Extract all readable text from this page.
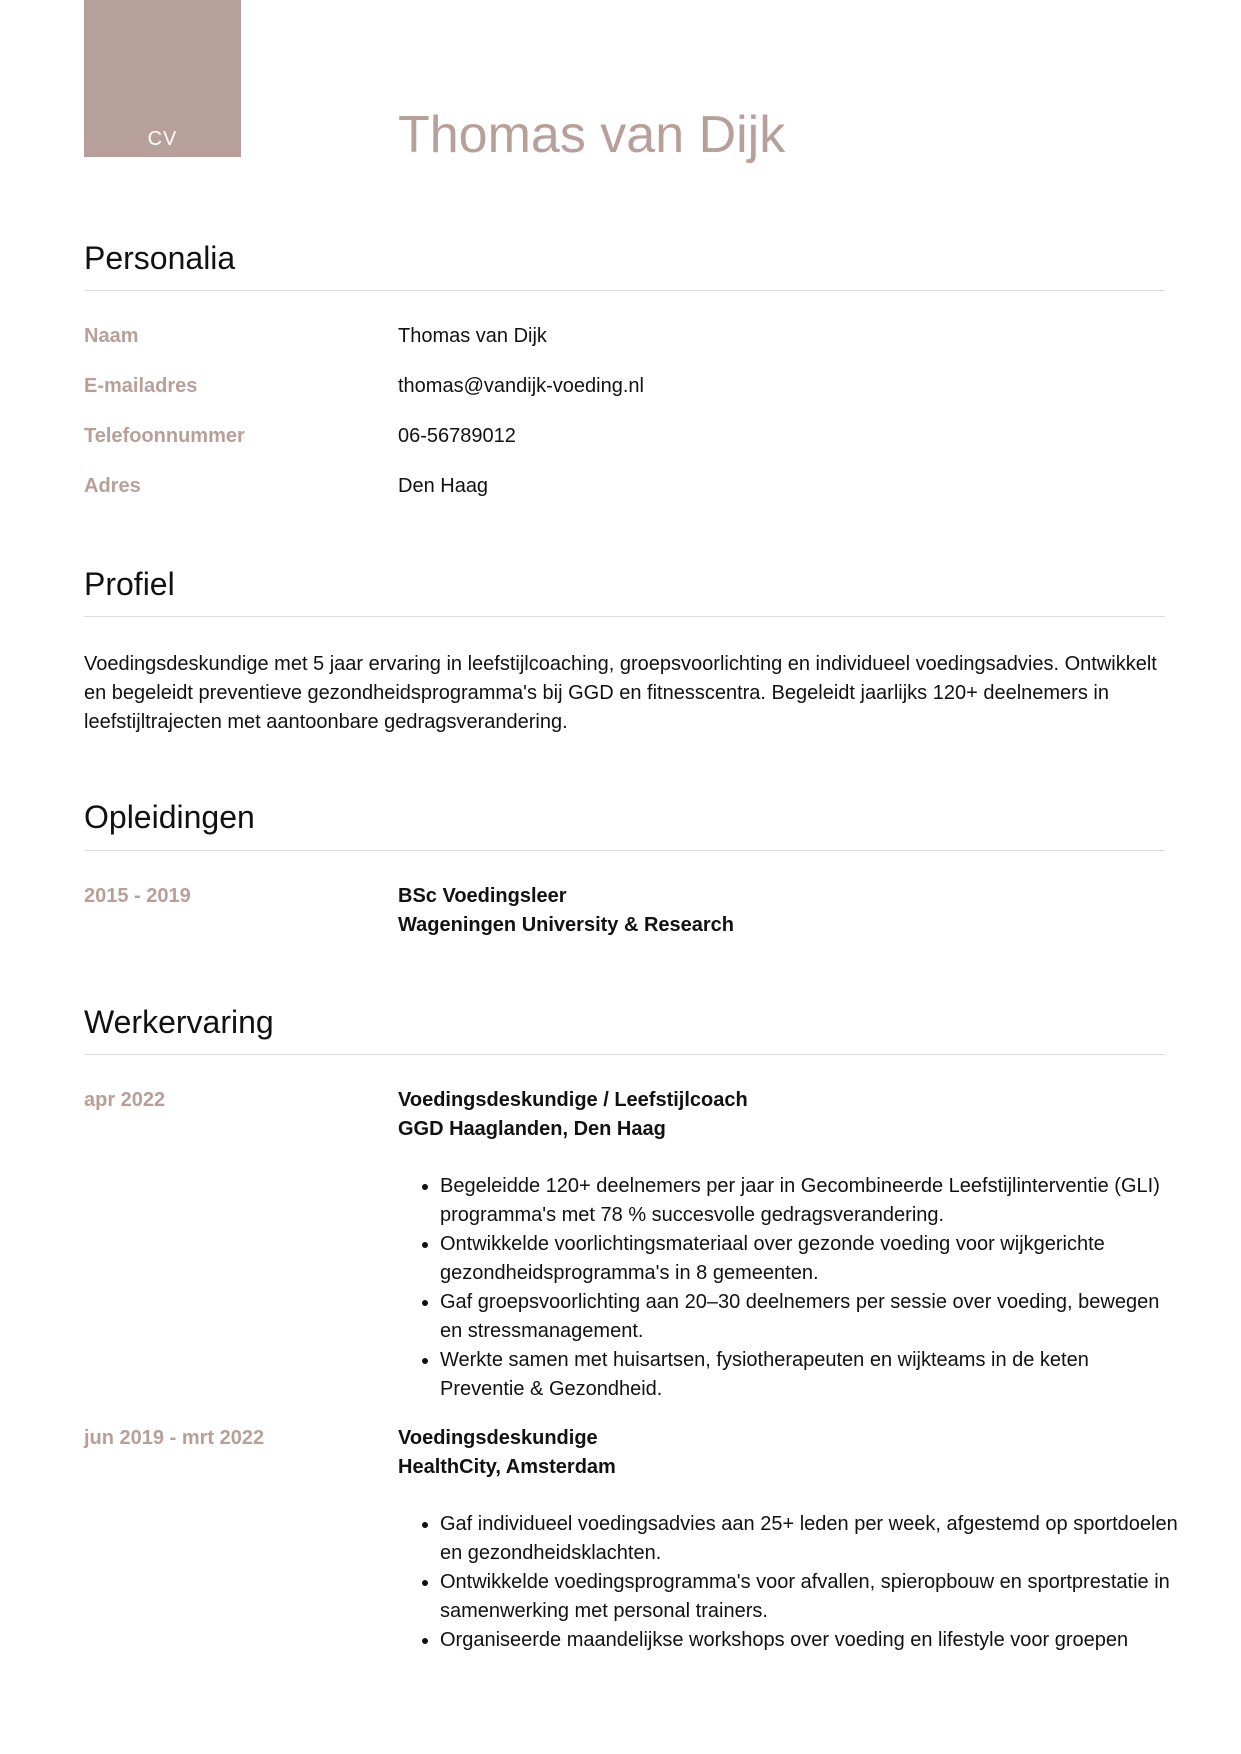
CV	Thomas van Dijk
Personalia
Naam	Thomas van Dijk
E-mailadres	thomas@vandijk-voeding.nl
Telefoonnummer	06-56789012
Adres	Den Haag
Profiel
Voedingsdeskundige met 5 jaar ervaring in leefstijlcoaching, groepsvoorlichting en individueel voedingsadvies. Ontwikkelt en begeleidt preventieve gezondheidsprogramma's bij GGD en fitnesscentra. Begeleidt jaarlijks 120+ deelnemers in leefstijltrajecten met aantoonbare gedragsverandering.
Opleidingen
2015 - 2019	BSc Voedingsleer
Wageningen University & Research
Werkervaring
apr 2022	Voedingsdeskundige / Leefstijlcoach
GGD Haaglanden, Den Haag
• Begeleidde 120+ deelnemers per jaar in Gecombineerde Leefstijlinterventie (GLI) programma's met 78 % succesvolle gedragsverandering.
• Ontwikkelde voorlichtingsmateriaal over gezonde voeding voor wijkgerichte gezondheidsprogramma's in 8 gemeenten.
• Gaf groepsvoorlichting aan 20–30 deelnemers per sessie over voeding, bewegen en stressmanagement.
• Werkte samen met huisartsen, fysiotherapeuten en wijkteams in de keten Preventie & Gezondheid.
jun 2019 - mrt 2022	Voedingsdeskundige
HealthCity, Amsterdam
• Gaf individueel voedingsadvies aan 25+ leden per week, afgestemd op sportdoelen en gezondheidsklachten.
• Ontwikkelde voedingsprogramma's voor afvallen, spieropbouw en sportprestatie in samenwerking met personal trainers.
• Organiseerde maandelijkse workshops over voeding en lifestyle voor groepen
